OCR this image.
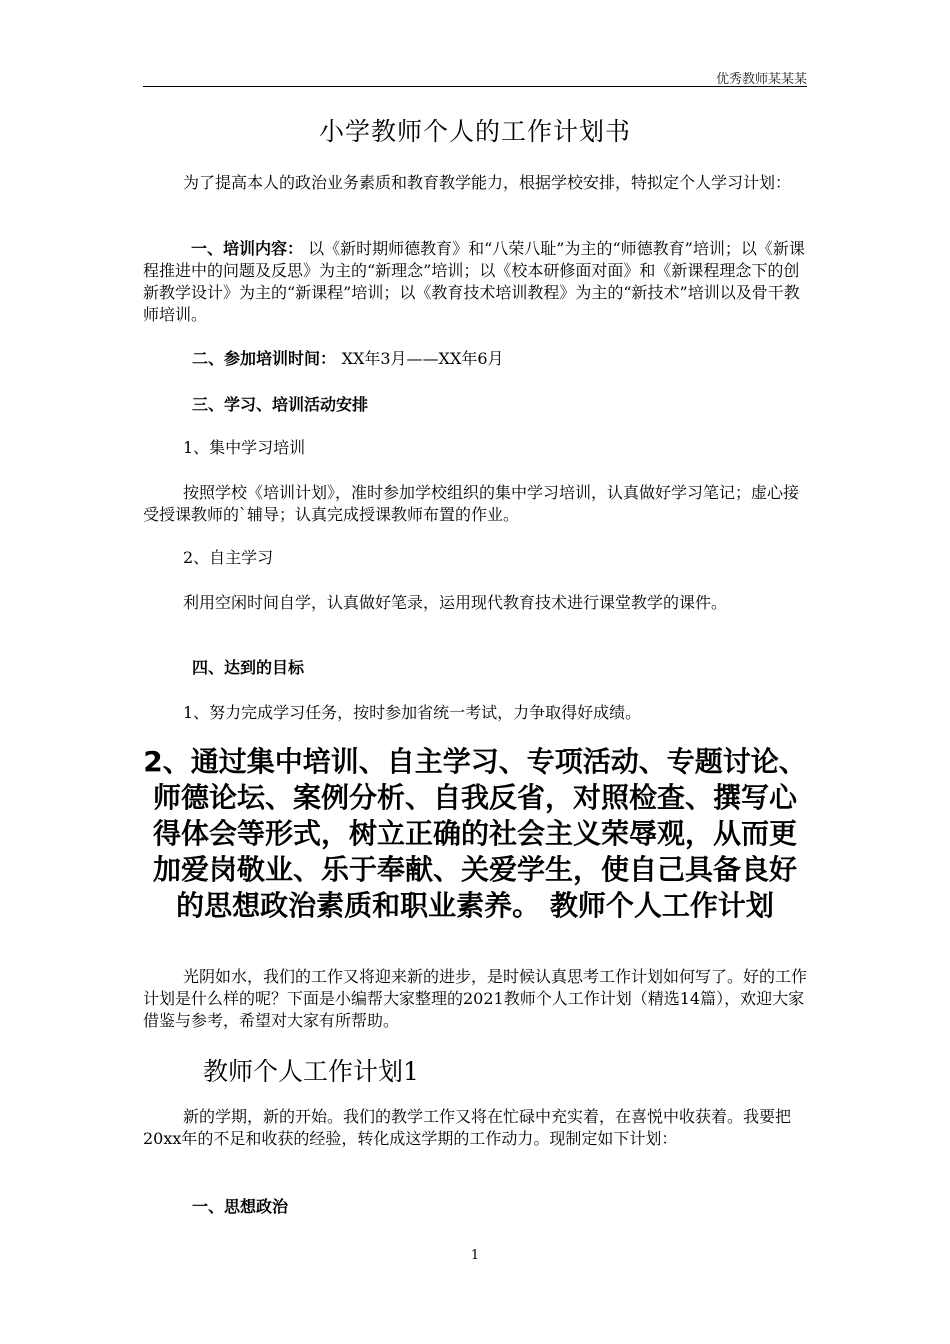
优秀教师某某某
小学教师个人的工作计划书
为了提高本人的政治业务素质和教育教学能力，根据学校安排，特拟定个人学习计划：
一、培训内容： 以《新时期师德教育》和“八荣八耻”为主的“师德教育”培训；以《新课程推进中的问题及反思》为主的“新理念”培训；以《校本研修面对面》和《新课程理念下的创新教学设计》为主的“新课程”培训；以《教育技术培训教程》为主的“新技术”培训以及骨干教师培训。
二、参加培训时间： XX年3月——XX年6月
三、学习、培训活动安排
1、集中学习培训
按照学校《培训计划》，准时参加学校组织的集中学习培训，认真做好学习笔记；虚心接受授课教师的`辅导；认真完成授课教师布置的作业。
2、自主学习
利用空闲时间自学，认真做好笔录，运用现代教育技术进行课堂教学的课件。
四、达到的目标
1、努力完成学习任务，按时参加省统一考试，力争取得好成绩。
2、通过集中培训、自主学习、专项活动、专题讨论、师德论坛、案例分析、自我反省，对照检查、撰写心得体会等形式，树立正确的社会主义荣辱观，从而更加爱岗敬业、乐于奉献、关爱学生，使自己具备良好的思想政治素质和职业素养。 教师个人工作计划
光阴如水，我们的工作又将迎来新的进步，是时候认真思考工作计划如何写了。好的工作计划是什么样的呢？下面是小编帮大家整理的2021教师个人工作计划（精选14篇），欢迎大家借鉴与参考，希望对大家有所帮助。
教师个人工作计划1
新的学期，新的开始。我们的教学工作又将在忙碌中充实着，在喜悦中收获着。我要把20xx年的不足和收获的经验，转化成这学期的工作动力。现制定如下计划：
一、思想政治
1
